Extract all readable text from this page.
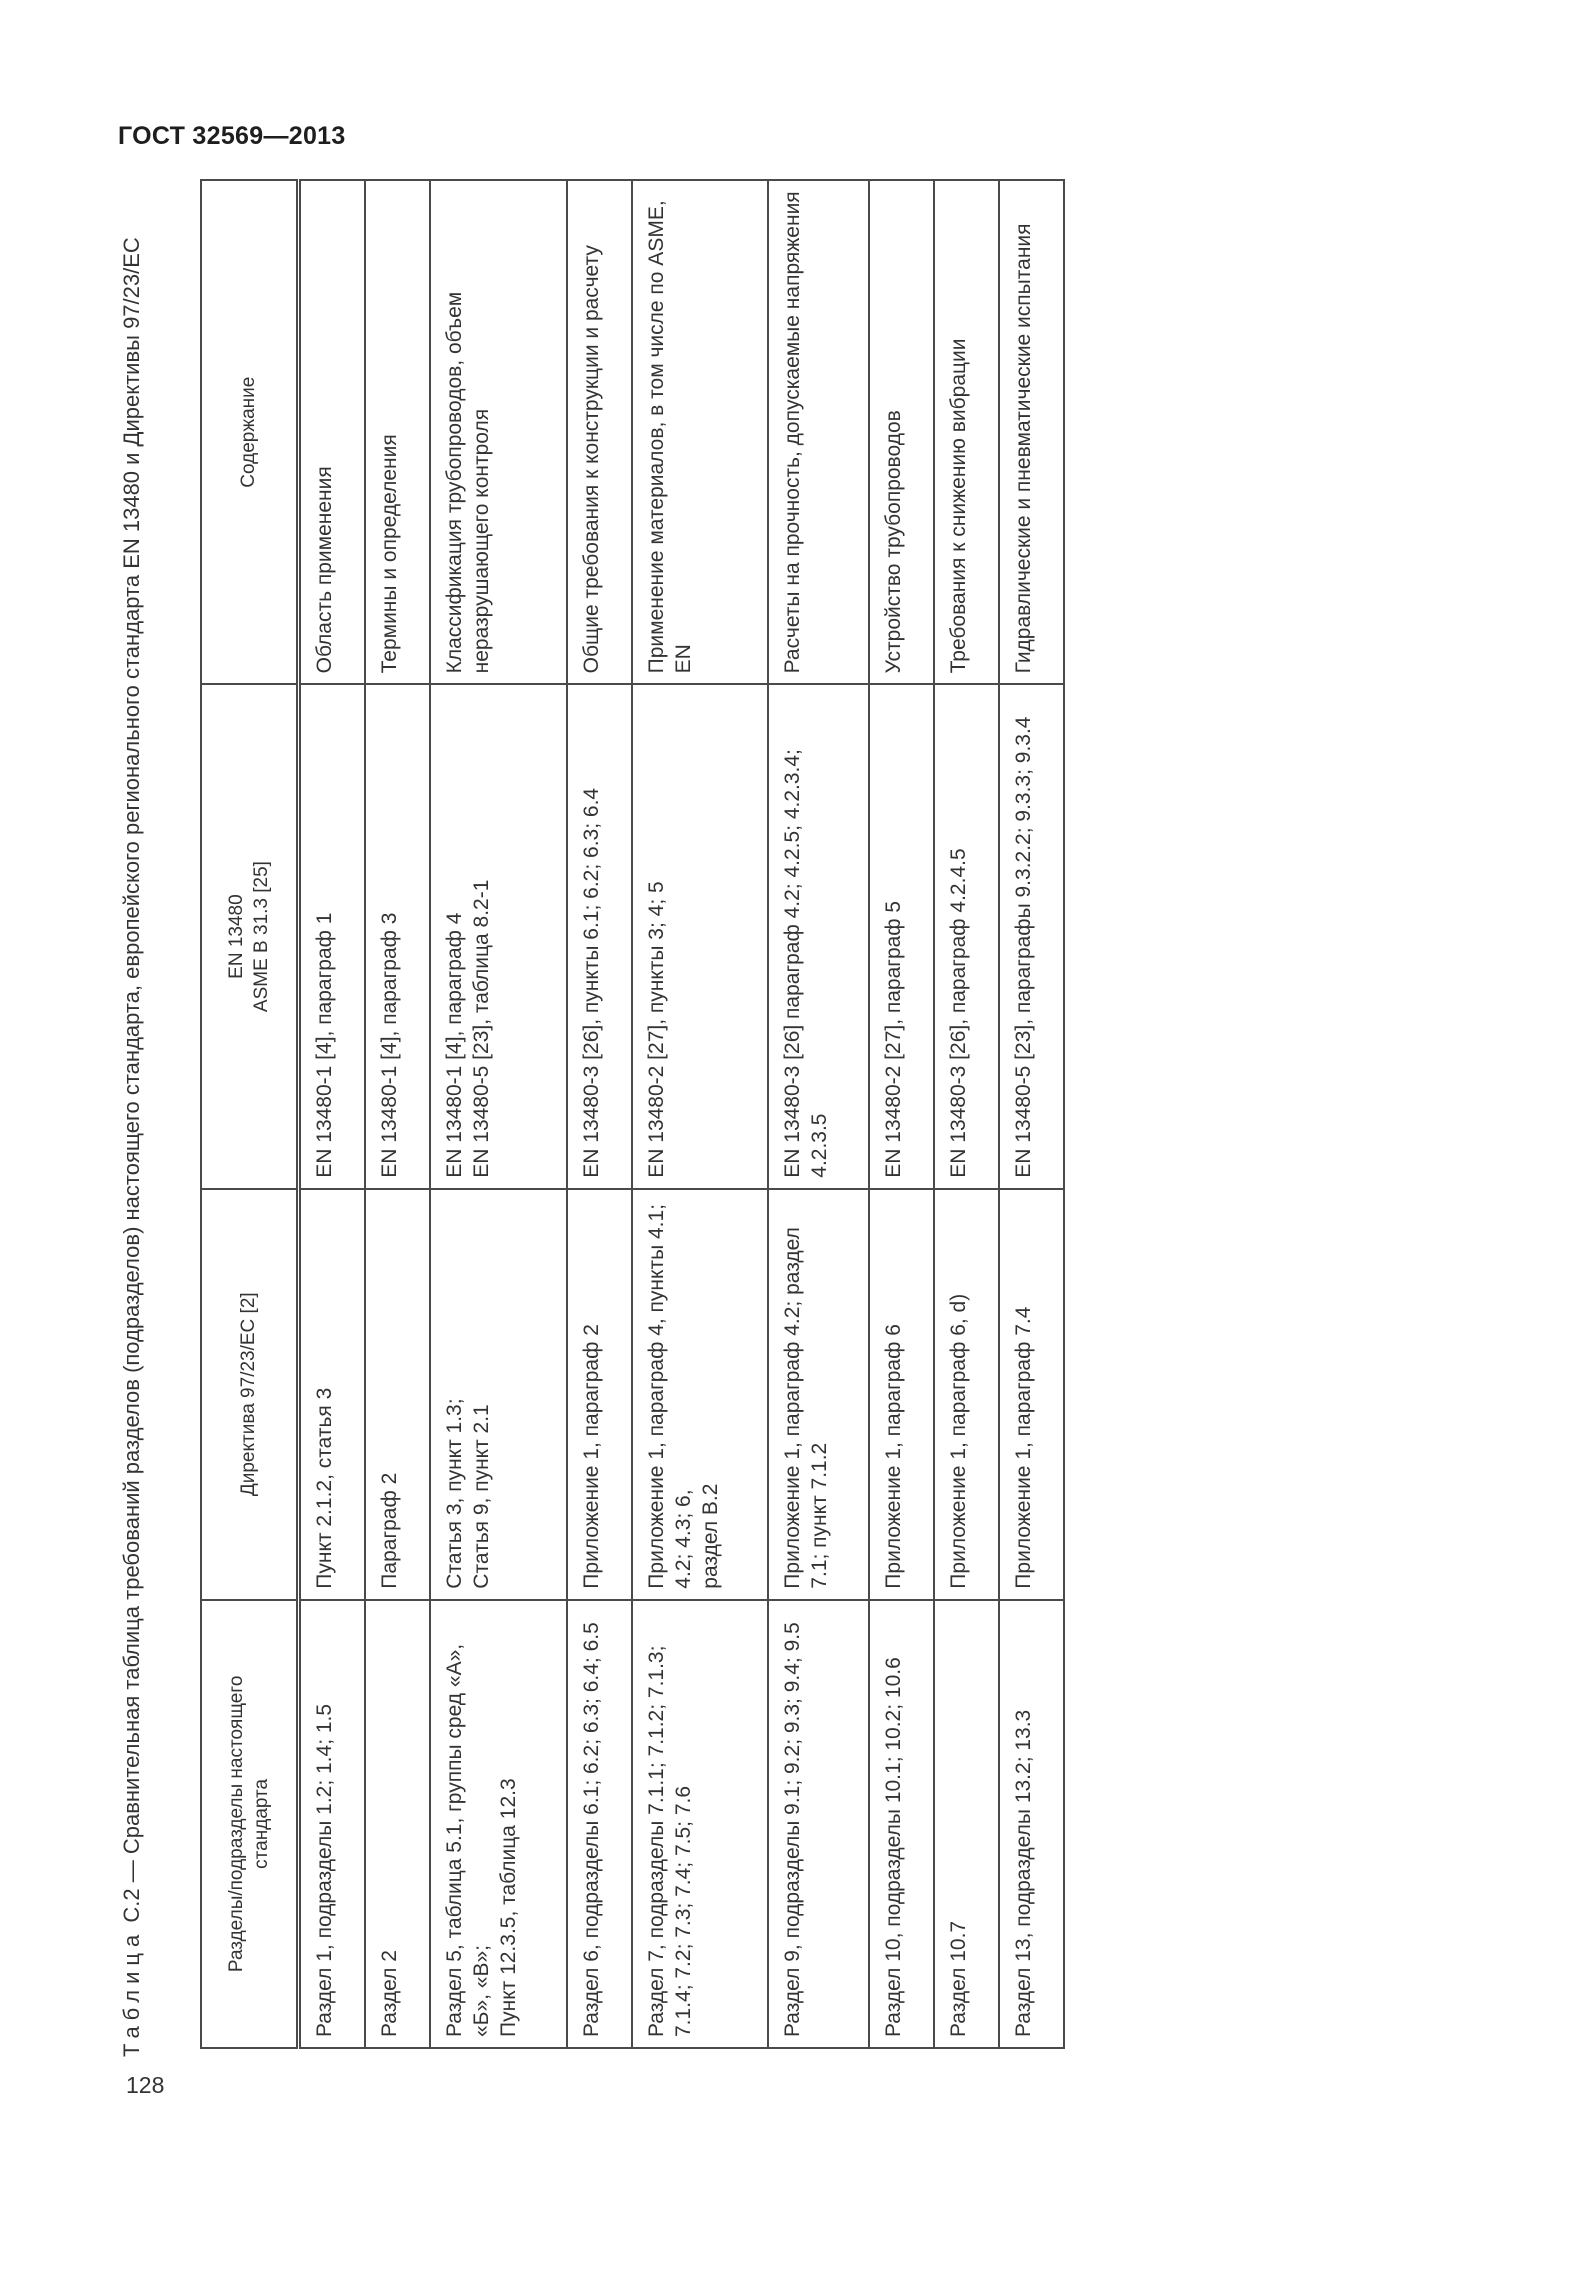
ГОСТ 32569—2013
128
Таблица С.2 — Сравнительная таблица требований разделов (подразделов) настоящего стандарта, европейского регионального стандарта EN 13480 и Директивы 97/23/ЕС	Разделы/подразделы настоящего
стандарта	Директива 97/23/ЕС [2]	EN 13480
ASME B 31.3 [25]	Содержание
Раздел 1, подразделы 1.2; 1.4; 1.5	Пункт 2.1.2, статья 3	EN 13480-1 [4], параграф 1	Область применения
Раздел 2	Параграф 2	EN 13480-1 [4], параграф 3	Термины и определения
Раздел 5, таблица 5.1, группы сред «А», «Б», «В»;
Пункт 12.3.5, таблица 12.3	Статья 3, пункт 1.3;
Статья 9, пункт 2.1	EN 13480-1 [4], параграф 4
EN 13480-5 [23], таблица 8.2-1	Классификация трубопроводов, объем неразрушающего контроля
Раздел 6, подразделы 6.1; 6.2; 6.3; 6.4; 6.5	Приложение 1, параграф 2	EN 13480-3 [26], пункты 6.1; 6.2; 6.3; 6.4	Общие требования к конструкции и расчету
Раздел 7, подразделы 7.1.1; 7.1.2; 7.1.3; 7.1.4; 7.2; 7.3; 7.4; 7.5; 7.6	Приложение 1, параграф 4, пункты 4.1; 4.2; 4.3; 6,
раздел В.2	EN 13480-2 [27], пункты 3; 4; 5	Применение материалов, в том числе по ASME, EN
Раздел 9, подразделы 9.1; 9.2; 9.3; 9.4; 9.5	Приложение 1, параграф 4.2; раздел 7.1; пункт 7.1.2	EN 13480-3 [26] параграф 4.2; 4.2.5; 4.2.3.4; 4.2.3.5	Расчеты на прочность, допускаемые напряжения
Раздел 10, подразделы 10.1; 10.2; 10.6	Приложение 1, параграф 6	EN 13480-2 [27], параграф 5	Устройство трубопроводов
Раздел 10.7	Приложение 1, параграф 6, d)	EN 13480-3 [26], параграф 4.2.4.5	Требования к снижению вибрации
Раздел 13, подразделы 13.2; 13.3	Приложение 1, параграф 7.4	EN 13480-5 [23], параграфы 9.3.2.2; 9.3.3; 9.3.4	Гидравлические и пневматические испытания
